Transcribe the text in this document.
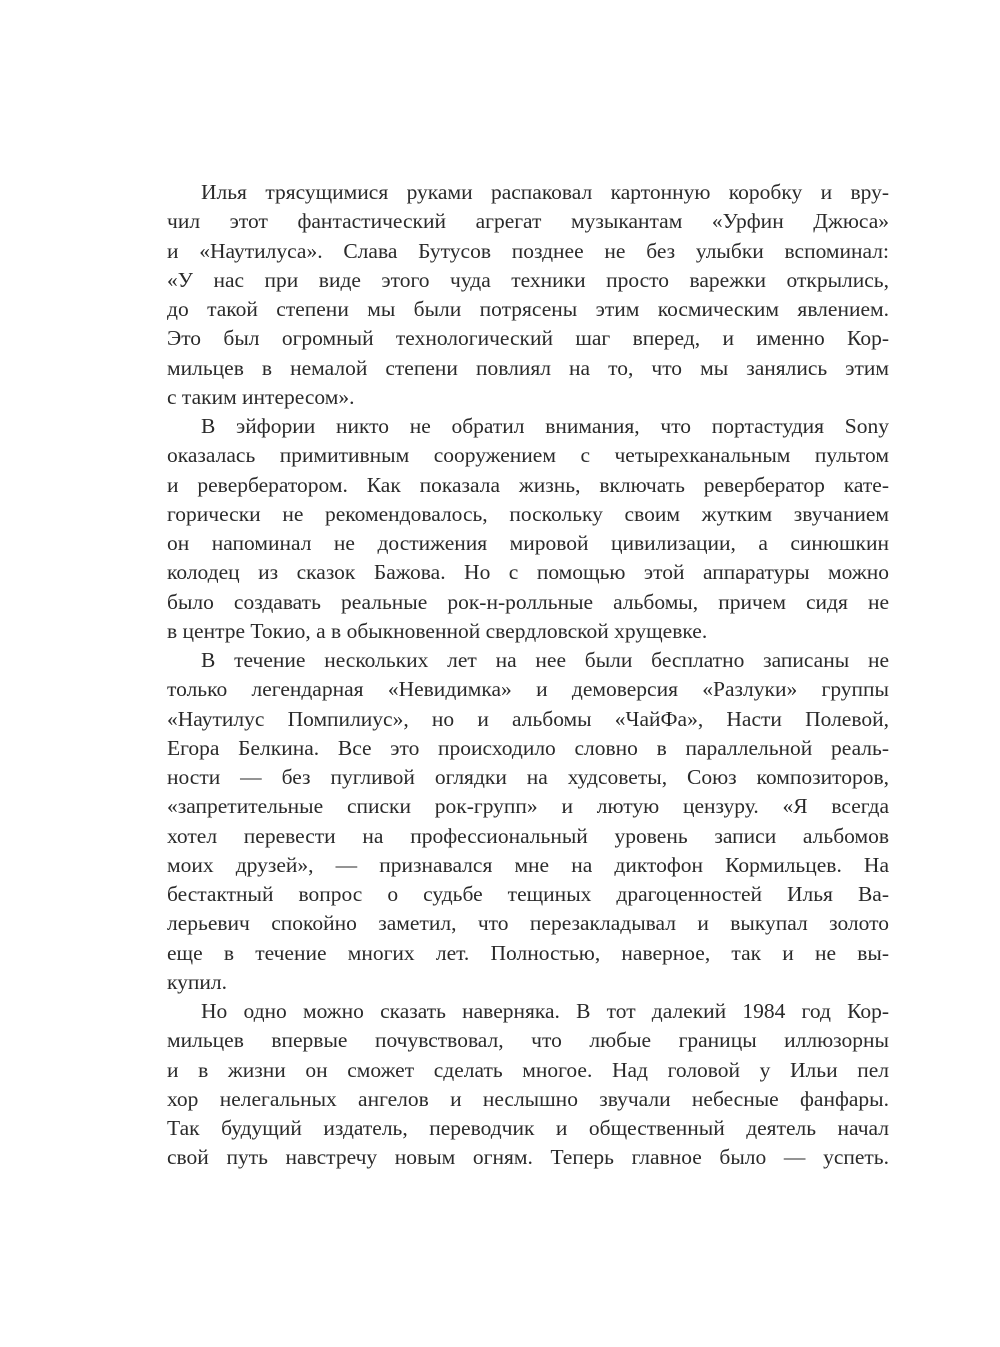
Илья трясущимися руками распаковал картонную коробку и вру-
чил этот фантастический агрегат музыкантам «Урфин Джюса»
и «Наутилуса». Слава Бутусов позднее не без улыбки вспоминал:
«У нас при виде этого чуда техники просто варежки открылись,
до такой степени мы были потрясены этим космическим явлением.
Это был огромный технологический шаг вперед, и именно Кор-
мильцев в немалой степени повлиял на то, что мы занялись этим
с таким интересом».
В эйфории никто не обратил внимания, что портастудия Sony
оказалась примитивным сооружением с четырехканальным пультом
и ревербератором. Как показала жизнь, включать ревербератор кате-
горически не рекомендовалось, поскольку своим жутким звучанием
он напоминал не достижения мировой цивилизации, а синюшкин
колодец из сказок Бажова. Но с помощью этой аппаратуры можно
было создавать реальные рок-н-ролльные альбомы, причем сидя не
в центре Токио, а в обыкновенной свердловской хрущевке.
В течение нескольких лет на нее были бесплатно записаны не
только легендарная «Невидимка» и демоверсия «Разлуки» группы
«Наутилус Помпилиус», но и альбомы «ЧайФа», Насти Полевой,
Егора Белкина. Все это происходило словно в параллельной реаль-
ности — без пугливой оглядки на худсоветы, Союз композиторов,
«запретительные списки рок-групп» и лютую цензуру. «Я всегда
хотел перевести на профессиональный уровень записи альбомов
моих друзей», — признавался мне на диктофон Кормильцев. На
бестактный вопрос о судьбе тещиных драгоценностей Илья Ва-
лерьевич спокойно заметил, что перезакладывал и выкупал золото
еще в течение многих лет. Полностью, наверное, так и не вы-
купил.
Но одно можно сказать наверняка. В тот далекий 1984 год Кор-
мильцев впервые почувствовал, что любые границы иллюзорны
и в жизни он сможет сделать многое. Над головой у Ильи пел
хор нелегальных ангелов и неслышно звучали небесные фанфары.
Так будущий издатель, переводчик и общественный деятель начал
свой путь навстречу новым огням. Теперь главное было — успеть.
